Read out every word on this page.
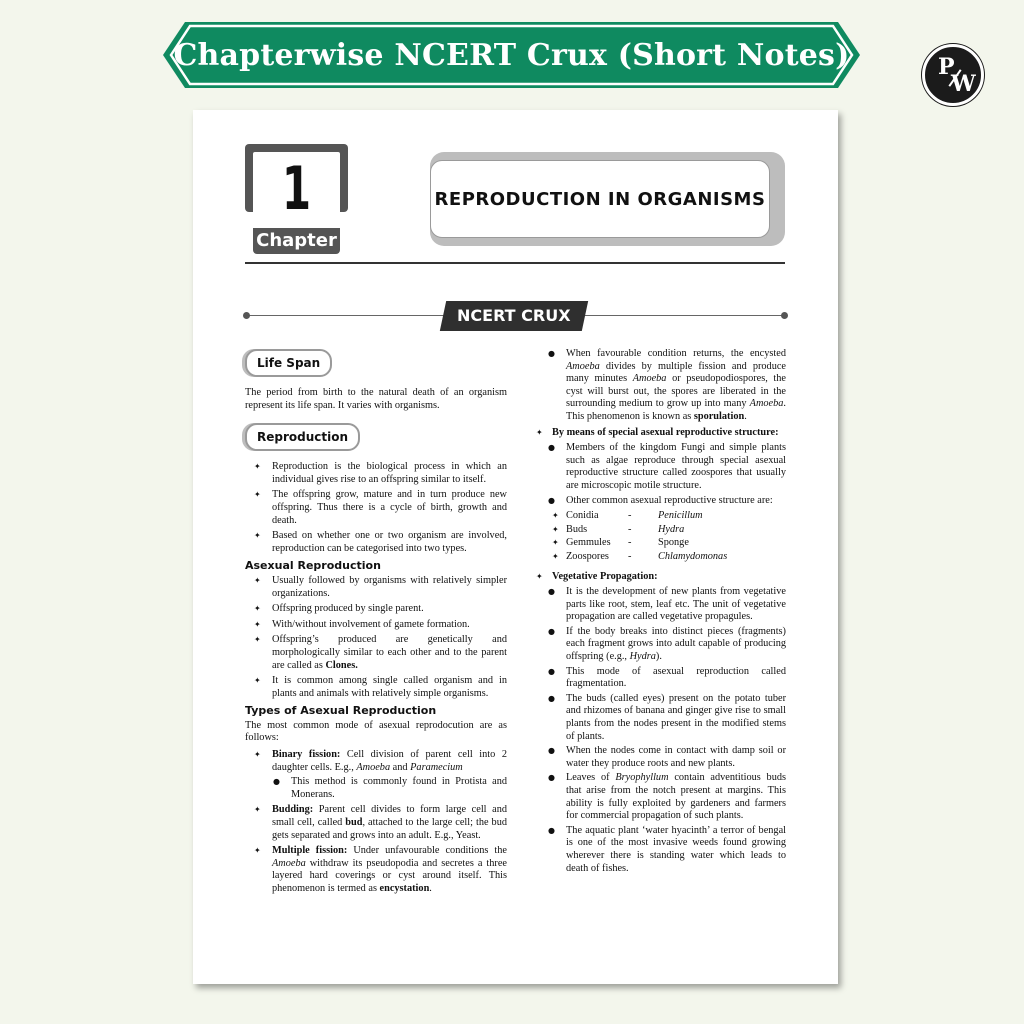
Chapterwise NCERT Crux (Short Notes)	P
W
1
Chapter
REPRODUCTION IN ORGANISMS
NCERT CRUX
Life Span

The period from birth to the natural death of an organism represent its life span. It varies with organisms.

Reproduction
✦ Reproduction is the biological process in which an individual gives rise to an offspring similar to itself.
✦ The offspring grow, mature and in turn produce new offspring. Thus there is a cycle of birth, growth and death.
✦ Based on whether one or two organism are involved, reproduction can be categorised into two types.
Asexual Reproduction
✦ Usually followed by organisms with relatively simpler organizations.
✦ Offspring produced by single parent.
✦ With/without involvement of gamete formation.
✦ Offspring’s produced are genetically and morphologically similar to each other and to the parent are called as Clones.
✦ It is common among single called organism and in plants and animals with relatively simple organisms.
Types of Asexual Reproduction

The most common mode of asexual reprodocution are as follows:

✦ Binary fission: Cell division of parent cell into 2 daughter cells. E.g., Amoeba and Paramecium
● This method is commonly found in Protista and Monerans.
✦ Budding: Parent cell divides to form large cell and small cell, called bud, attached to the large cell; the bud gets separated and grows into an adult. E.g., Yeast.
✦ Multiple fission: Under unfavourable conditions the Amoeba withdraw its pseudopodia and secretes a three layered hard coverings or cyst around itself. This phenomenon is termed as encystation.
● When favourable condition returns, the encysted Amoeba divides by multiple fission and produce many minutes Amoeba or pseudopodiospores, the cyst will burst out, the spores are liberated in the surrounding medium to grow up into many Amoeba. This phenomenon is known as sporulation.
✦ By means of special asexual reproductive structure:
● Members of the kingdom Fungi and simple plants such as algae reproduce through special asexual reproductive structure called zoospores that usually are microscopic motile structure.
● Other common asexual reproductive structure are:
✦	Conidia	-	Penicillum
✦	Buds	-	Hydra
✦	Gemmules	-	Sponge
✦	Zoospores	-	Chlamydomonas
✦ Vegetative Propagation:
● It is the development of new plants from vegetative parts like root, stem, leaf etc. The unit of vegetative propagation are called vegetative propagules.
● If the body breaks into distinct pieces (fragments) each fragment grows into adult capable of producing offspring (e.g., Hydra).
● This mode of asexual reproduction called fragmentation.
● The buds (called eyes) present on the potato tuber and rhizomes of banana and ginger give rise to small plants from the nodes present in the modified stems of plants.
● When the nodes come in contact with damp soil or water they produce roots and new plants.
● Leaves of Bryophyllum contain adventitious buds that arise from the notch present at margins. This ability is fully exploited by gardeners and farmers for commercial propagation of such plants.
● The aquatic plant ‘water hyacinth’ a terror of bengal is one of the most invasive weeds found growing wherever there is standing water which leads to death of fishes.
